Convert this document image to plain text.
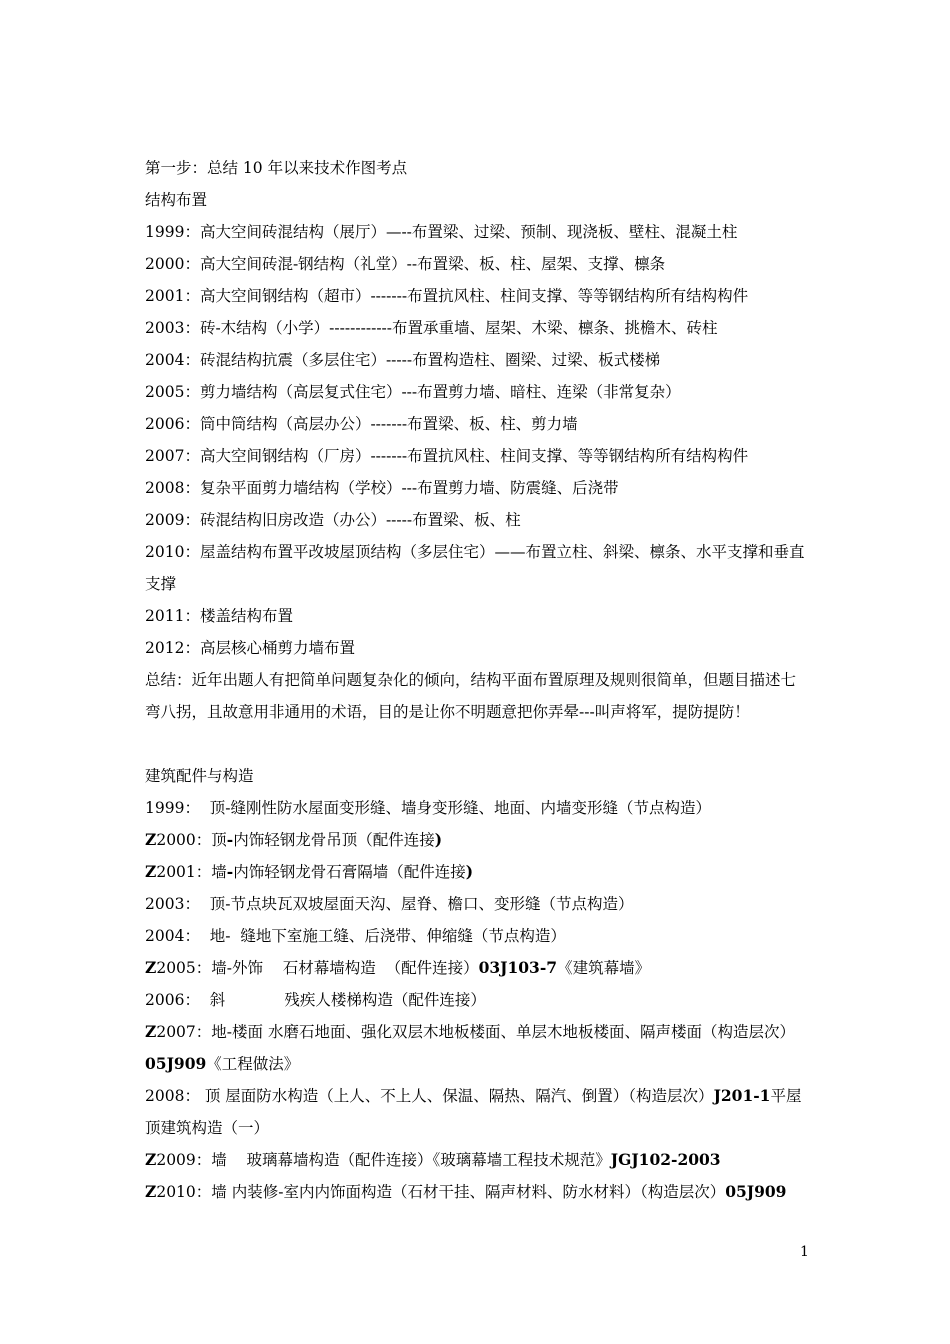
第一步：总结 10 年以来技术作图考点
结构布置
1999：高大空间砖混结构（展厅）—--布置梁、过梁、预制、现浇板、壁柱、混凝土柱
2000：高大空间砖混-钢结构（礼堂）--布置梁、板、柱、屋架、支撑、檩条
2001：高大空间钢结构（超市）-------布置抗风柱、柱间支撑、等等钢结构所有结构构件
2003：砖-木结构（小学）------------布置承重墙、屋架、木梁、檩条、挑檐木、砖柱
2004：砖混结构抗震（多层住宅）-----布置构造柱、圈梁、过梁、板式楼梯
2005：剪力墙结构（高层复式住宅）---布置剪力墙、暗柱、连梁（非常复杂）
2006：筒中筒结构（高层办公）-------布置梁、板、柱、剪力墙
2007：高大空间钢结构（厂房）-------布置抗风柱、柱间支撑、等等钢结构所有结构构件
2008：复杂平面剪力墙结构（学校）---布置剪力墙、防震缝、后浇带
2009：砖混结构旧房改造（办公）-----布置梁、板、柱
2010：屋盖结构布置平改坡屋顶结构（多层住宅）——布置立柱、斜梁、檩条、水平支撑和垂直支撑
2011：楼盖结构布置
2012：高层核心桶剪力墙布置
总结：近年出题人有把简单问题复杂化的倾向，结构平面布置原理及规则很简单，但题目描述七弯八拐，且故意用非通用的术语，目的是让你不明题意把你弄晕---叫声将军，提防提防！
建筑配件与构造
1999：  顶-缝刚性防水屋面变形缝、墙身变形缝、地面、内墙变形缝（节点构造）
Z2000：顶-内饰轻钢龙骨吊顶（配件连接)
Z2001：墙-内饰轻钢龙骨石膏隔墙（配件连接)
2003：  顶-节点块瓦双坡屋面天沟、屋脊、檐口、变形缝（节点构造）
2004：  地-  缝地下室施工缝、后浇带、伸缩缝（节点构造）
Z2005：墙-外饰    石材幕墙构造  （配件连接）03J103-7《建筑幕墙》
2006：  斜            残疾人楼梯构造（配件连接）
Z2007：地-楼面 水磨石地面、强化双层木地板楼面、单层木地板楼面、隔声楼面（构造层次）05J909《工程做法》
2008： 顶 屋面防水构造（上人、不上人、保温、隔热、隔汽、倒置）（构造层次）J201-1平屋顶建筑构造（一）
Z2009：墙    玻璃幕墙构造（配件连接）《玻璃幕墙工程技术规范》JGJ102-2003
Z2010：墙 内装修-室内内饰面构造（石材干挂、隔声材料、防水材料）（构造层次）05J909
1
